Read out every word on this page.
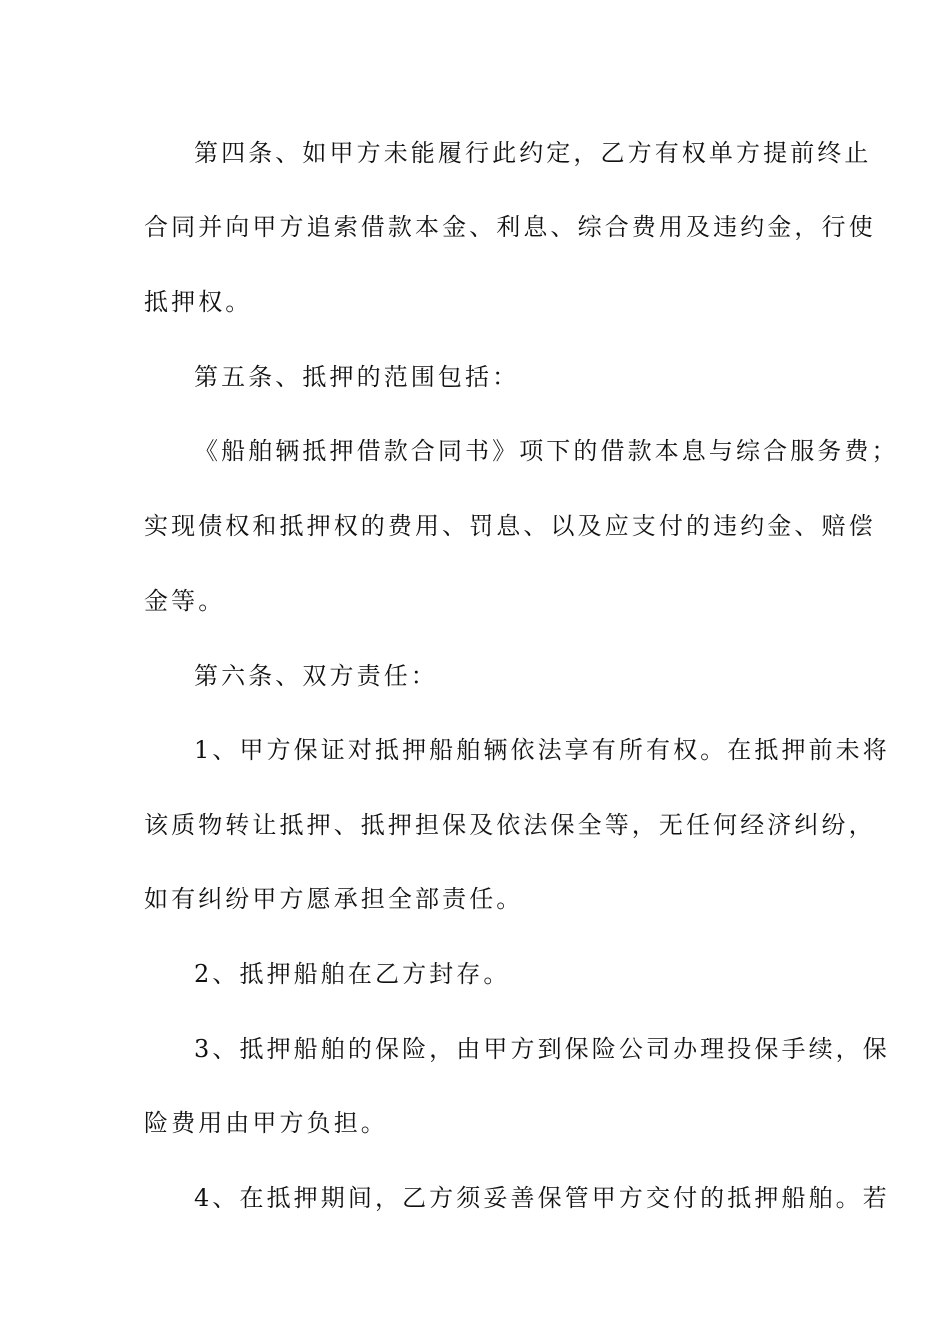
第四条、如甲方未能履行此约定，乙方有权单方提前终止
合同并向甲方追索借款本金、利息、综合费用及违约金，行使
抵押权。
第五条、抵押的范围包括：
《船舶辆抵押借款合同书》项下的借款本息与综合服务费；
实现债权和抵押权的费用、罚息、以及应支付的违约金、赔偿
金等。
第六条、双方责任：
1、甲方保证对抵押船舶辆依法享有所有权。在抵押前未将
该质物转让抵押、抵押担保及依法保全等，无任何经济纠纷，
如有纠纷甲方愿承担全部责任。
2、抵押船舶在乙方封存。
3、抵押船舶的保险，由甲方到保险公司办理投保手续，保
险费用由甲方负担。
4、在抵押期间，乙方须妥善保管甲方交付的抵押船舶。若
